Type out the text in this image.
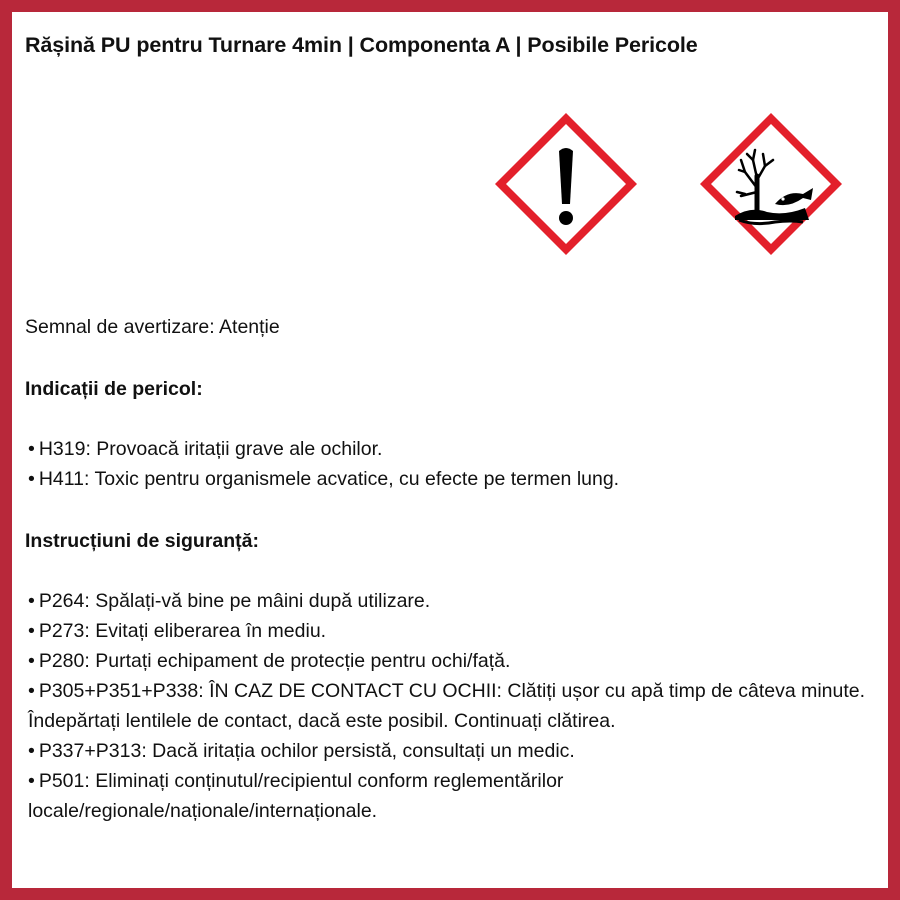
Rășină PU pentru Turnare 4min | Componenta A | Posibile Pericole

Semnal de avertizare: Atenție

Indicații de pericol:
• H319 : Provoacă iritații grave ale ochilor.
• H411 : Toxic pentru organismele acvatice, cu efecte pe termen lung.
Instrucțiuni de siguranță:
• P264 : Spălați-vă bine pe mâini după utilizare.
• P273 : Evitați eliberarea în mediu.
• P280 : Purtați echipament de protecție pentru ochi/față.
• P305+P351+P338 : ÎN CAZ DE CONTACT CU OCHII: Clătiți ușor cu apă timp de câteva minute. Îndepărtați lentilele de contact, dacă este posibil. Continuați clătirea.
• P337+P313 : Dacă iritația ochilor persistă, consultați un medic.
• P501 : Eliminați conținutul/recipientul conform reglementărilor locale/regionale/naționale/internaționale.
